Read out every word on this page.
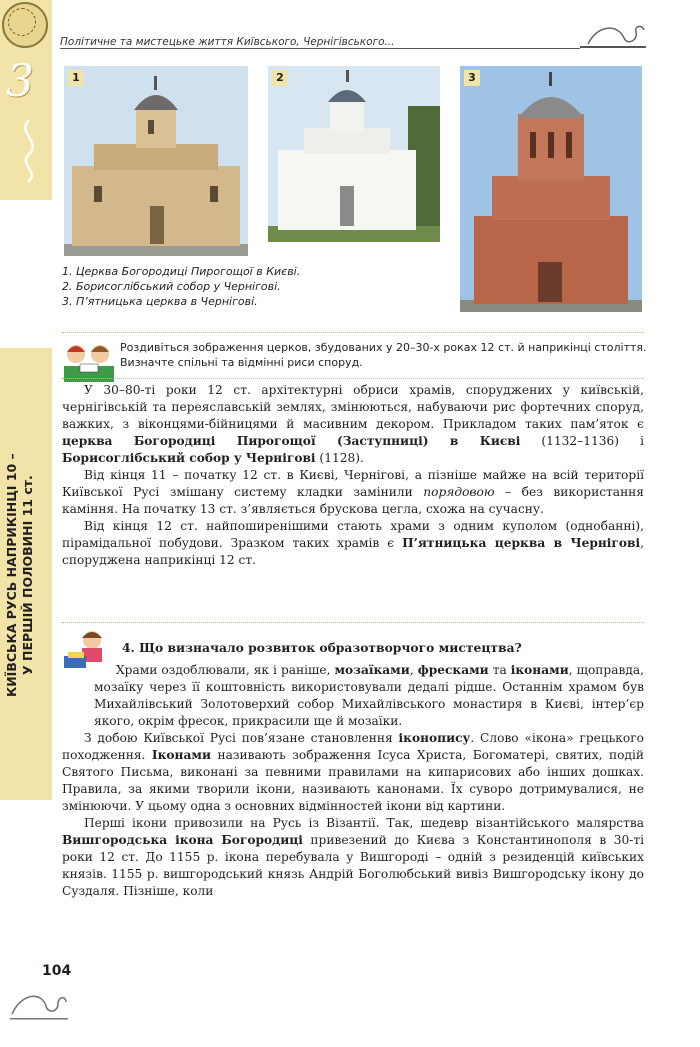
3
КИЇВСЬКА РУСЬ НАПРИКІНЦІ 10 –
У ПЕРШІЙ ПОЛОВИНІ 11 ст.
Політичне та мистецьке життя Київського, Чернігівського...
1	2	3
1. Церква Богородиці Пирогощої в Києві.
2. Борисоглібський собор у Чернігові.
3. П’ятницька церква в Чернігові.
Роздивіться зображення церков, збудованих у 20–30-х роках 12 ст. й наприкінці століття. Визначте спільні та відмінні риси споруд.

У 30–80-ті роки 12 ст. архітектурні обриси храмів, споруджених у київській, чернігівській та переяславській землях, змінюються, набуваючи рис фортечних споруд, важких, з віконцями-бійницями й масивним декором. Прикладом таких пам’яток є церква Богородиці Пирогощої (Заступниці) в Києві (1132–1136) і Борисоглібський собор у Чернігові (1128).

Від кінця 11 – початку 12 ст. в Києві, Чернігові, а пізніше майже на всій території Київської Русі змішану систему кладки замінили порядовою – без використання каміння. На початку 13 ст. з’являється брускова цегла, схожа на сучасну.

Від кінця 12 ст. найпоширенішими стають храми з одним куполом (однобанні), пірамідальної побудови. Зразком таких храмів є П’ятницька церква в Чернігові, споруджена наприкінці 12 ст.

4. Що визначало розвиток образотворчого мистецтва?

Храми оздоблювали, як і раніше, мозаїками, фресками та іконами, щоправда, мозаїку через її коштовність використовували дедалі рідше. Останнім храмом був Михайлівський Золотоверхий собор Михайлівського монастиря в Києві, інтер’єр якого, окрім фресок, прикрасили ще й мозаїки.

З добою Київської Русі пов’язане становлення іконопису. Слово «ікона» грецького походження. Іконами називають зображення Ісуса Христа, Богоматері, святих, подій Святого Письма, виконані за певними правилами на кипарисових або інших дошках. Правила, за якими творили ікони, називають канонами. Їх суворо дотримувалися, не змінюючи. У цьому одна з основних відмінностей ікони від картини.

Перші ікони привозили на Русь із Візантії. Так, шедевр візантійського малярства Вишгородська ікона Богородиці привезений до Києва з Константинополя в 30-ті роки 12 ст. До 1155 р. ікона перебувала у Вишгороді – одній з резиденцій київських князів. 1155 р. вишгородський князь Андрій Боголюбський вивіз Вишгородську ікону до Суздаля. Пізніше, коли

104
